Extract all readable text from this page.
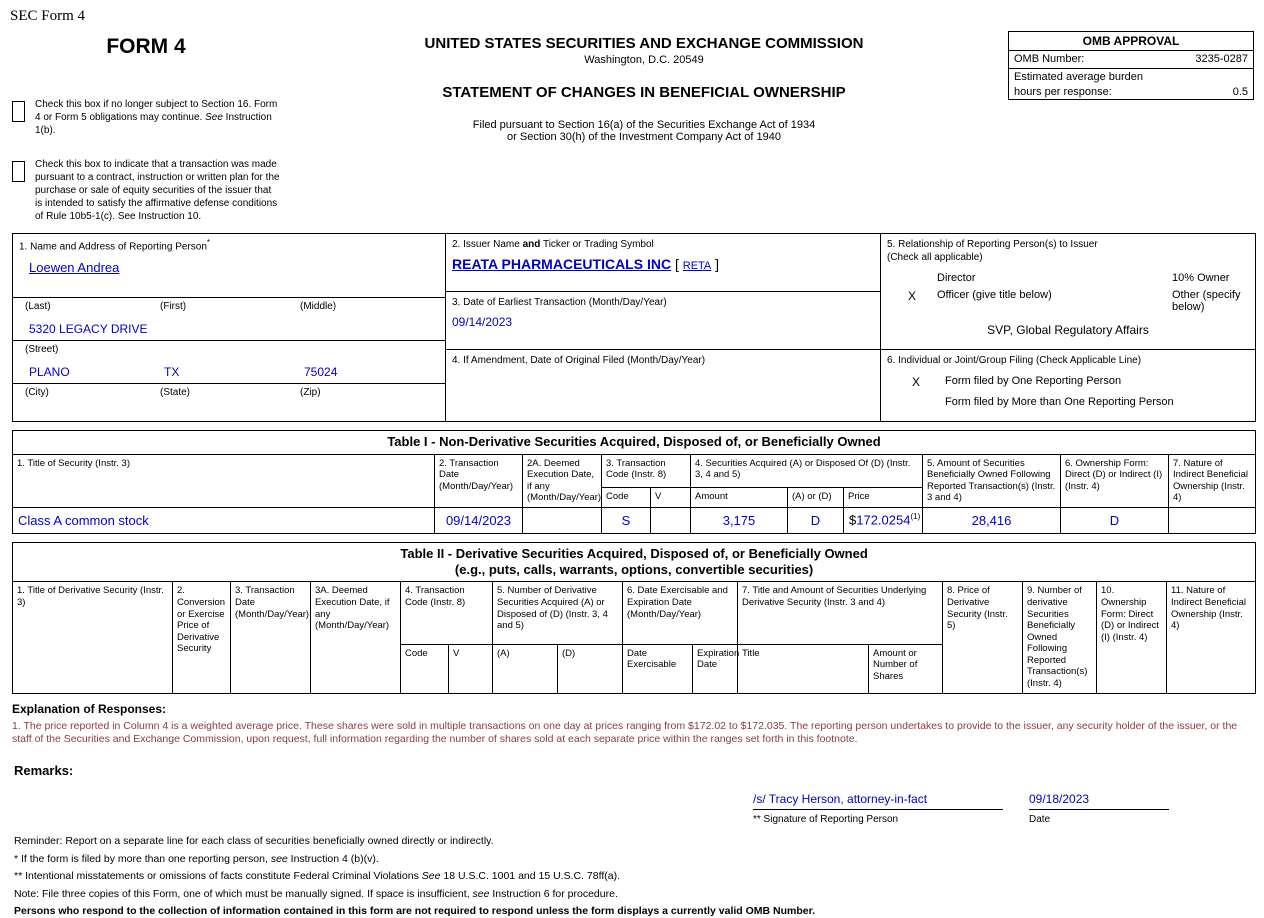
SEC Form 4
FORM 4
Check this box if no longer subject to Section 16. Form 4 or Form 5 obligations may continue. See Instruction 1(b).
Check this box to indicate that a transaction was made pursuant to a contract, instruction or written plan for the purchase or sale of equity securities of the issuer that is intended to satisfy the affirmative defense conditions of Rule 10b5-1(c). See Instruction 10.
UNITED STATES SECURITIES AND EXCHANGE COMMISSION
Washington, D.C. 20549
STATEMENT OF CHANGES IN BENEFICIAL OWNERSHIP
Filed pursuant to Section 16(a) of the Securities Exchange Act of 1934
or Section 30(h) of the Investment Company Act of 1940
OMB APPROVAL
OMB Number:	3235-0287
Estimated average burden
hours per response:	0.5
1. Name and Address of Reporting Person*
Loewen Andrea
(Last)	(First)	(Middle)
5320 LEGACY DRIVE
(Street)
PLANO	TX	75024
(City)	(State)	(Zip)

2. Issuer Name and Ticker or Trading Symbol
REATA PHARMACEUTICALS INC [ RETA ]

5. Relationship of Reporting Person(s) to Issuer
(Check all applicable)
Director	10% Owner
X	Officer (give title below)	Other (specify below)
SVP, Global Regulatory Affairs

	3. Date of Earliest Transaction (Month/Day/Year)
09/14/2023	

	4. If Amendment, Date of Original Filed (Month/Day/Year)	6. Individual or Joint/Group Filing (Check Applicable Line)
X Form filed by One Reporting Person
Form filed by More than One Reporting Person
Table I - Non-Derivative Securities Acquired, Disposed of, or Beneficially Owned										
1. Title of Security (Instr. 3)	2. Transaction Date (Month/Day/Year)	2A. Deemed Execution Date, if any (Month/Day/Year)	3. Transaction Code (Instr. 8)		4. Securities Acquired (A) or Disposed Of (D) (Instr. 3, 4 and 5)			5. Amount of Securities Beneficially Owned Following Reported Transaction(s) (Instr. 3 and 4)	6. Ownership Form: Direct (D) or Indirect (I) (Instr. 4)	7. Nature of Indirect Beneficial Ownership (Instr. 4)
			Code	V	Amount	(A) or (D)	Price			
Class A common stock	09/14/2023		S		3,175	D	$172.0254$^{(1)}$	28,416	D	
Table II - Derivative Securities Acquired, Disposed of, or Beneficially Owned
(e.g., puts, calls, warrants, options, convertible securities)															

1. Title of Derivative Security (Instr. 3)	2. Conversion or Exercise Price of Derivative Security	3. Transaction Date (Month/Day/Year)	3A. Deemed Execution Date, if any (Month/Day/Year)	4. Transaction Code (Instr. 8)		5. Number of Derivative Securities Acquired (A) or Disposed of (D) (Instr. 3, 4 and 5)		6. Date Exercisable and Expiration Date (Month/Day/Year)		7. Title and Amount of Securities Underlying Derivative Security (Instr. 3 and 4)		8. Price of Derivative Security (Instr. 5)	9. Number of derivative Securities Beneficially Owned Following Reported Transaction(s) (Instr. 4)	10. Ownership Form: Direct (D) or Indirect (I) (Instr. 4)	11. Nature of Indirect Beneficial Ownership (Instr. 4)
				Code	V	(A)	(D)	Date Exercisable	Expiration Date	Title	Amount or Number of Shares				
Explanation of Responses:
1. The price reported in Column 4 is a weighted average price. These shares were sold in multiple transactions on one day at prices ranging from $172.02 to $172.035. The reporting person undertakes to provide to the issuer, any security holder of the issuer, or the staff of the Securities and Exchange Commission, upon request, full information regarding the number of shares sold at each separate price within the ranges set forth in this footnote.
Remarks:
/s/ Tracy Herson, attorney-in-fact
** Signature of Reporting Person
09/18/2023
Date

Reminder: Report on a separate line for each class of securities beneficially owned directly or indirectly.

* If the form is filed by more than one reporting person, see Instruction 4 (b)(v).

** Intentional misstatements or omissions of facts constitute Federal Criminal Violations See 18 U.S.C. 1001 and 15 U.S.C. 78ff(a).

Note: File three copies of this Form, one of which must be manually signed. If space is insufficient, see Instruction 6 for procedure.

Persons who respond to the collection of information contained in this form are not required to respond unless the form displays a currently valid OMB Number.
